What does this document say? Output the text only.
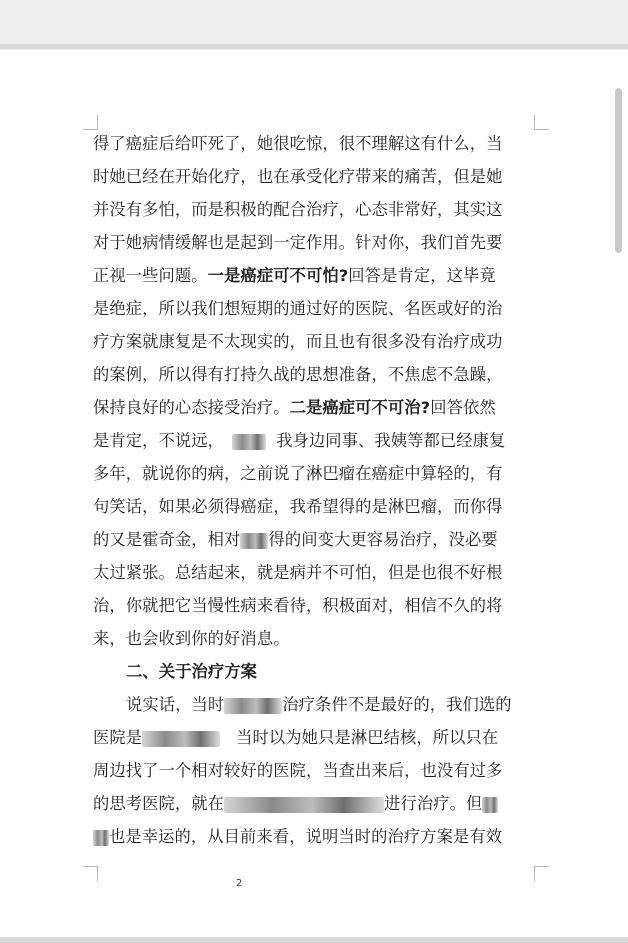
得了癌症后给吓死了，她很吃惊，很不理解这有什么，当
时她已经在开始化疗，也在承受化疗带来的痛苦，但是她
并没有多怕，而是积极的配合治疗，心态非常好，其实这
对于她病情缓解也是起到一定作用。针对你，我们首先要
正视一些问题。一是癌症可不可怕?回答是肯定，这毕竟
是绝症，所以我们想短期的通过好的医院、名医或好的治
疗方案就康复是不太现实的，而且也有很多没有治疗成功
的案例，所以得有打持久战的思想准备，不焦虑不急躁，
保持良好的心态接受治疗。二是癌症可不可治?回答依然
是肯定，不说远，	我身边同事、我姨等都已经康复
多年，就说你的病，之前说了淋巴瘤在癌症中算轻的，有
句笑话，如果必须得癌症，我希望得的是淋巴瘤，而你得
的又是霍奇金，相对 得的间变大更容易治疗，没必要
太过紧张。总结起来，就是病并不可怕，但是也很不好根
治，你就把它当慢性病来看待，积极面对，相信不久的将
来，也会收到你的好消息。
二、关于治疗方案
说实话，当时	治疗条件不是最好的，我们选的
医院是	当时以为她只是淋巴结核，所以只在
周边找了一个相对较好的医院，当查出来后，也没有过多
的思考医院，就在	进行治疗。但
也是幸运的，从目前来看，说明当时的治疗方案是有效
2
